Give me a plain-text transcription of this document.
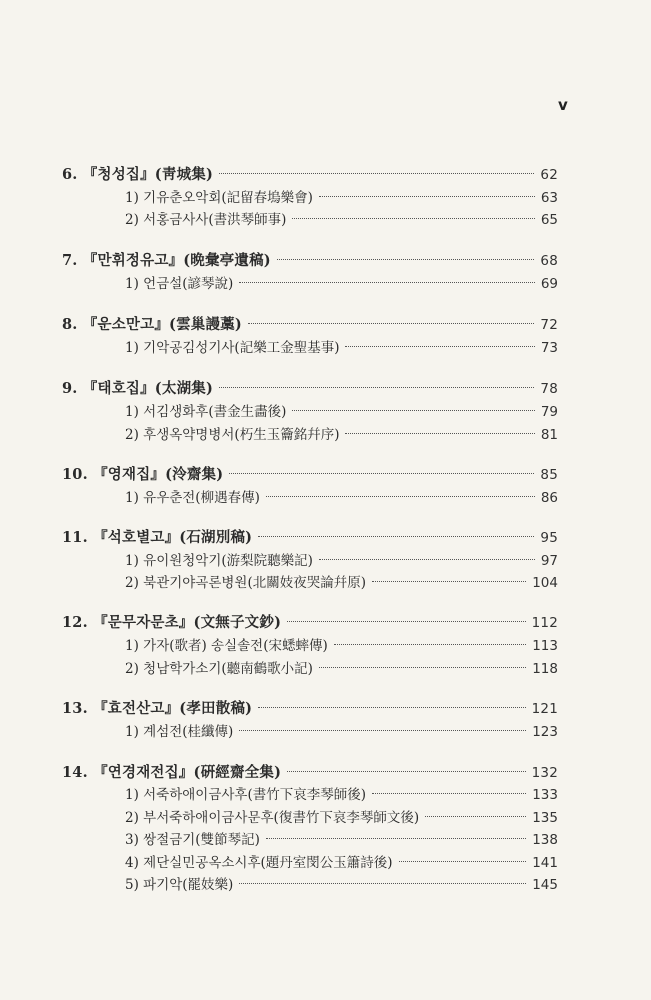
v
6. 『청성집』(靑城集)	62
1) 기유춘오악회(記留春塢樂會)	63
2) 서홍금사사(書洪琴師事)	65
7. 『만휘정유고』(晩彙亭遺稿)	68
1) 언금설(諺琴說)	69
8. 『운소만고』(雲巢謾藁)	72
1) 기악공김성기사(記樂工金聖基事)	73
9. 『태호집』(太湖集)	78
1) 서김생화후(書金生畵後)	79
2) 후생옥약명병서(朽生玉籥銘幷序)	81
10. 『영재집』(泠齋集)	85
1) 유우춘전(柳遇春傳)	86
11. 『석호별고』(石湖別稿)	95
1) 유이원청악기(游梨院聽樂記)	97
2) 북관기야곡론병원(北關妓夜哭論幷原)	104
12. 『문무자문초』(文無子文鈔)	112
1) 가자(歌者) 송실솔전(宋蟋蟀傳)	113
2) 청남학가소기(聽南鶴歌小記)	118
13. 『효전산고』(孝田散稿)	121
1) 계섬전(桂纖傳)	123
14. 『연경재전집』(硏經齋全集)	132
1) 서죽하애이금사후(書竹下哀李琴師後)	133
2) 부서죽하애이금사문후(復書竹下哀李琴師文後)	135
3) 쌍절금기(雙節琴記)	138
4) 제단실민공옥소시후(題丹室閔公玉簫詩後)	141
5) 파기악(罷妓樂)	145
